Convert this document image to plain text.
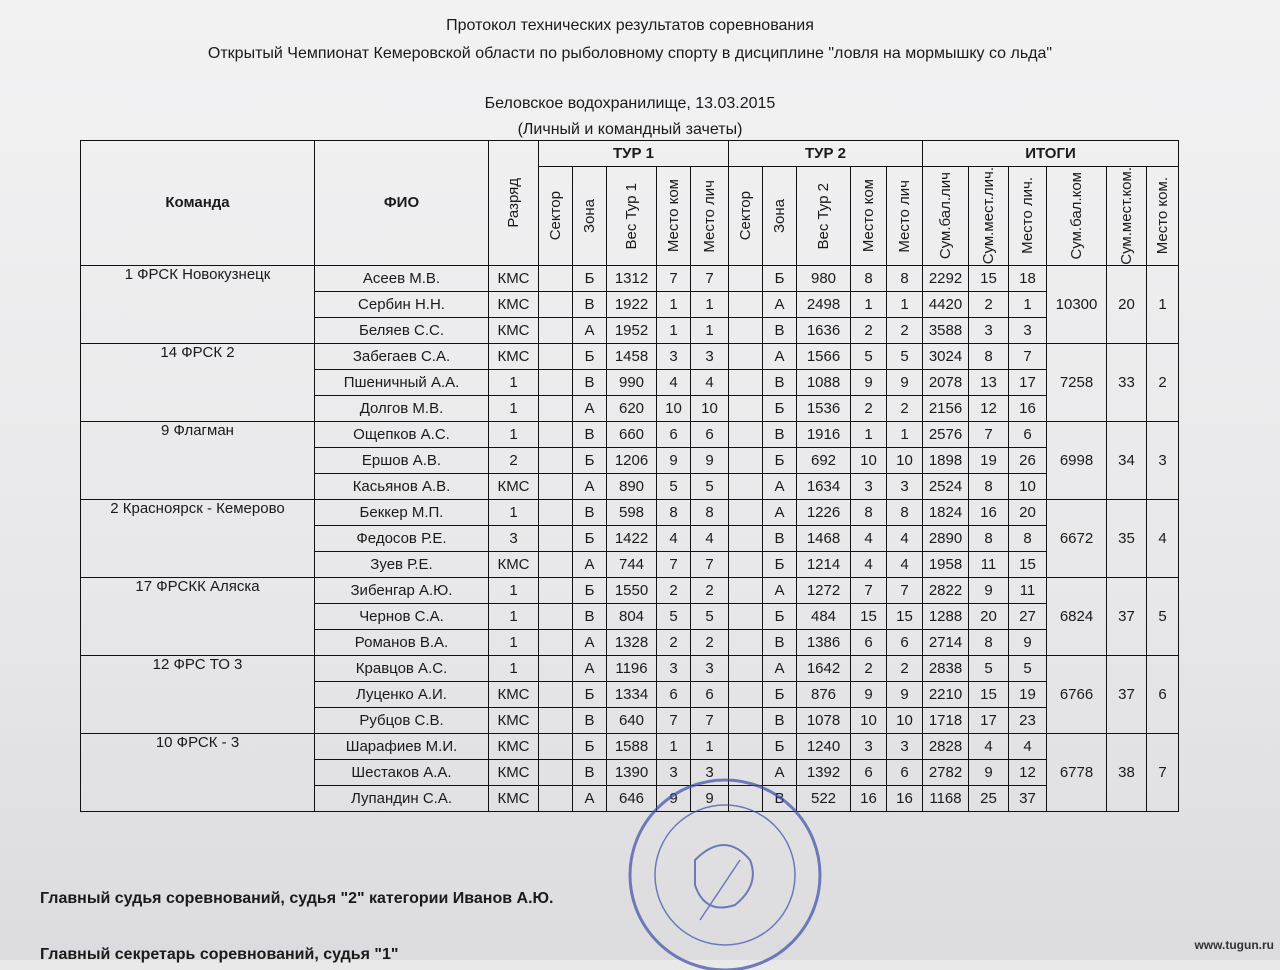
Протокол технических результатов соревнования
Открытый Чемпионат Кемеровской области по рыболовному спорту в дисциплине "ловля на мормышку со льда"
Беловское водохранилище, 13.03.2015
(Личный и командный зачеты)
Команда	ФИО	Разряд	ТУР 1					ТУР 2					ИТОГИ					

			Сектор	Зона	Вес Тур 1	Место ком	Место лич	Сектор	Зона	Вес Тур 2	Место ком	Место лич	Сум.бал.лич	Сум.мест.лич.	Место лич.	Сум.бал.ком	Сум.мест.ком.	Место ком.

1 ФРСК Новокузнецк	Асеев М.В.	КМС		Б	1312	7	7		Б	980	8	8	2292	15	18	10300	20	1
	Сербин Н.Н.	КМС		В	1922	1	1		А	2498	1	1	4420	2	1			
	Беляев С.С.	КМС		А	1952	1	1		В	1636	2	2	3588	3	3			
14 ФРСК 2	Забегаев С.А.	КМС		Б	1458	3	3		А	1566	5	5	3024	8	7	7258	33	2
	Пшеничный А.А.	1		В	990	4	4		В	1088	9	9	2078	13	17			
	Долгов М.В.	1		А	620	10	10		Б	1536	2	2	2156	12	16			
9 Флагман	Ощепков А.С.	1		В	660	6	6		В	1916	1	1	2576	7	6	6998	34	3
	Ершов А.В.	2		Б	1206	9	9		Б	692	10	10	1898	19	26			
	Касьянов А.В.	КМС		А	890	5	5		А	1634	3	3	2524	8	10			
2 Красноярск - Кемерово	Беккер М.П.	1		В	598	8	8		А	1226	8	8	1824	16	20	6672	35	4
	Федосов Р.Е.	3		Б	1422	4	4		В	1468	4	4	2890	8	8			
	Зуев Р.Е.	КМС		А	744	7	7		Б	1214	4	4	1958	11	15			
17 ФРСКК Аляска	Зибенгар А.Ю.	1		Б	1550	2	2		А	1272	7	7	2822	9	11	6824	37	5
	Чернов С.А.	1		В	804	5	5		Б	484	15	15	1288	20	27			
	Романов В.А.	1		А	1328	2	2		В	1386	6	6	2714	8	9			
12 ФРС ТО 3	Кравцов А.С.	1		А	1196	3	3		А	1642	2	2	2838	5	5	6766	37	6
	Луценко А.И.	КМС		Б	1334	6	6		Б	876	9	9	2210	15	19			
	Рубцов С.В.	КМС		В	640	7	7		В	1078	10	10	1718	17	23			
10 ФРСК - 3	Шарафиев М.И.	КМС		Б	1588	1	1		Б	1240	3	3	2828	4	4	6778	38	7
	Шестаков А.А.	КМС		В	1390	3	3		А	1392	6	6	2782	9	12			
	Лупандин С.А.	КМС		А	646	9	9		В	522	16	16	1168	25	37			
Главный судья соревнований, судья "2" категории Иванов А.Ю.
Главный секретарь соревнований, судья "1"
www.tugun.ru
